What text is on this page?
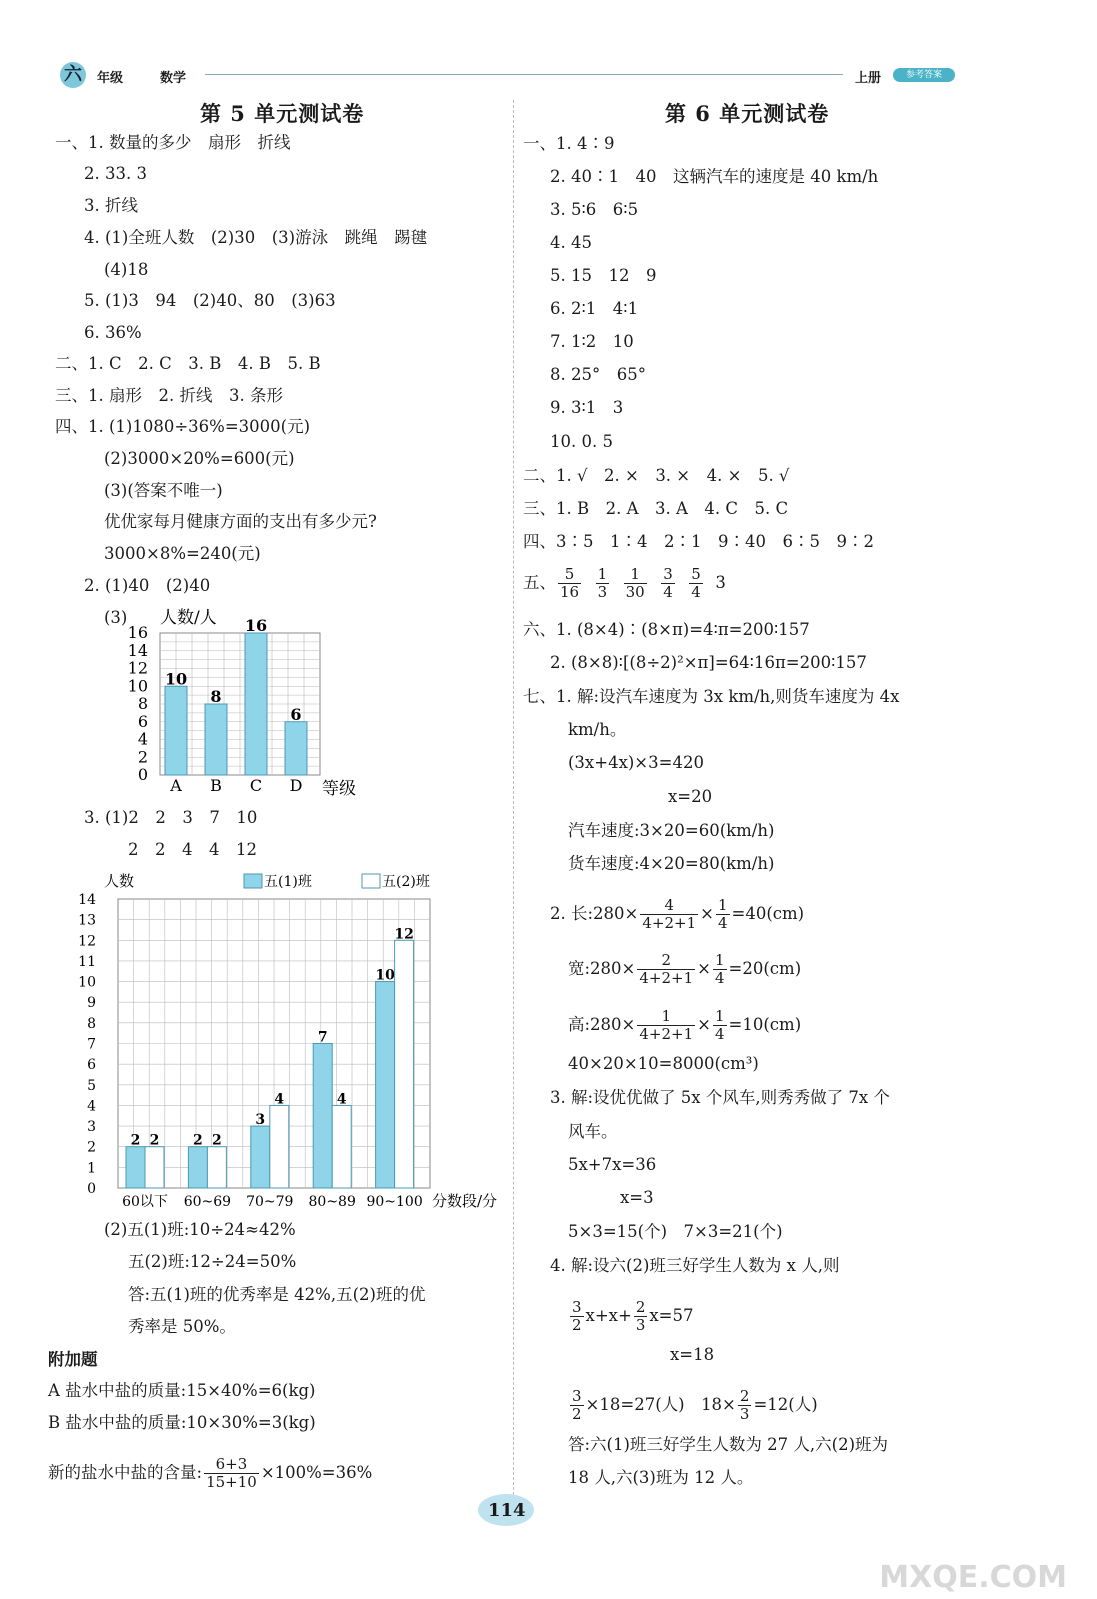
六	年级	数学	上册	参考答案
第 5 单元测试卷
一、1. 数量的多少　扇形　折线
2. 33. 3
3. 折线
4. (1)全班人数　(2)30　(3)游泳　跳绳　踢毽
(4)18
5. (1)3　94　(2)40、80　(3)63
6. 36%
二、1. C　2. C　3. B　4. B　5. B
三、1. 扇形　2. 折线　3. 条形
四、1. (1)1080÷36%=3000(元)
(2)3000×20%=600(元)
(3)(答案不唯一)
优优家每月健康方面的支出有多少元?
3000×8%=240(元)
2. (1)40　(2)40
(3)
0
2
4
6
8
10
12
14
16
10
A
8
B
16
C
6
D
人数/人
等级
3. (1)2　2　3　7　10
2　2　4　4　12
0
1
2
3
4
5
6
7
8
9
10
11
12
13
14
2 2
60以下
2 2
60~69
3
4
70~79
7
4
80~89
10
12
90~100
人数
分数段/分
五(1)班	五(2)班
(2)五(1)班:10÷24≈42%
五(2)班:12÷24=50%
答:五(1)班的优秀率是 42%,五(2)班的优
秀率是 50%。
附加题
A 盐水中盐的质量:15×40%=6(kg)
B 盐水中盐的质量:10×30%=3(kg)
新的盐水中盐的含量: $\frac{6+3}{15+10} \times 100\%=36\%$
第 6 单元测试卷
一、1. 4∶9
2. 40∶1　40　这辆汽车的速度是 40 km/h
3. 5∶6　6∶5
4. 45
5. 15　12　9
6. 2∶1　4∶1
7. 1∶2　10
8. 25°　65°
9. 3∶1　3
10. 0. 5
二、1. √　2. ×　3. ×　4. ×　5. √
三、1. B　2. A　3. A　4. C　5. C
四、3∶5　1∶4　2∶1　9∶40　6∶5　9∶2
五、 $\frac{5}{16}$
$\frac{1}{3}$
$\frac{1}{30}$
$\frac{3}{4}$
$\frac{5}{4} 3$
六、1. (8×4)∶(8×π)=4∶π=200∶157
2. (8×8)∶[(8÷2)²×π]=64∶16π=200∶157
七、1. 解:设汽车速度为 3x km/h,则货车速度为 4x
km/h。
(3x+4x)×3=420
x=20
汽车速度:3×20=60(km/h)
货车速度:4×20=80(km/h)
2. 长:280× $\frac{4}{4+2+1} \times \frac{1}{4} =40(cm)$
宽:280× $\frac{2}{4+2+1} \times \frac{1}{4} =20(cm)$
高:280× $\frac{1}{4+2+1} \times \frac{1}{4} =10(cm)$
40×20×10=8000(cm³)
3. 解:设优优做了 5x 个风车,则秀秀做了 7x 个
风车。
5x+7x=36
x=3
5×3=15(个)　7×3=21(个)
4. 解:设六(2)班三好学生人数为 x 人,则
$\frac{3}{2} x+x+ \frac{2}{3} x=57$
x=18
$\frac{3}{2} \times 18=27$(人)　$18\times \frac{2}{3} =12$(人)
答:六(1)班三好学生人数为 27 人,六(2)班为
18 人,六(3)班为 12 人。
114
MXQE.COM
